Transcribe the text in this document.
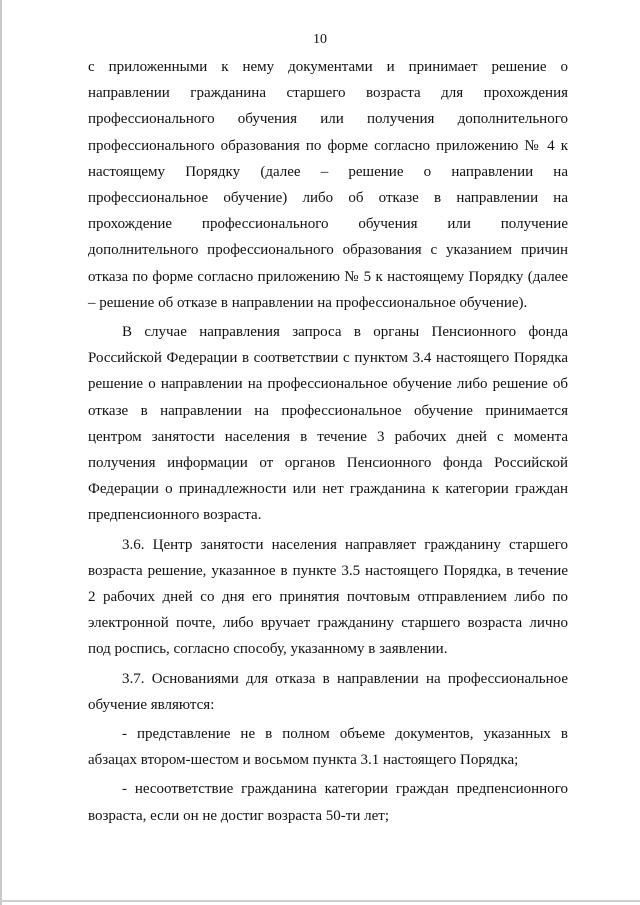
10

с приложенными к нему документами и принимает решение о направлении гражданина старшего возраста для прохождения профессионального обучения или получения дополнительного профессионального образования по форме согласно приложению № 4 к настоящему Порядку (далее – решение о направлении на профессиональное обучение) либо об отказе в направлении на прохождение профессионального обучения или получение дополнительного профессионального образования с указанием причин отказа по форме согласно приложению № 5 к настоящему Порядку (далее – решение об отказе в направлении на профессиональное обучение).

В случае направления запроса в органы Пенсионного фонда Российской Федерации в соответствии с пунктом 3.4 настоящего Порядка решение о направлении на профессиональное обучение либо решение об отказе в направлении на профессиональное обучение принимается центром занятости населения в течение 3 рабочих дней с момента получения информации от органов Пенсионного фонда Российской Федерации о принадлежности или нет гражданина к категории граждан предпенсионного возраста.

3.6. Центр занятости населения направляет гражданину старшего возраста решение, указанное в пункте 3.5 настоящего Порядка, в течение 2 рабочих дней со дня его принятия почтовым отправлением либо по электронной почте, либо вручает гражданину старшего возраста лично под роспись, согласно способу, указанному в заявлении.

3.7. Основаниями для отказа в направлении на профессиональное обучение являются:

- представление не в полном объеме документов, указанных в абзацах втором-шестом и восьмом пункта 3.1 настоящего Порядка;

- несоответствие гражданина категории граждан предпенсионного возраста, если он не достиг возраста 50-ти лет;
